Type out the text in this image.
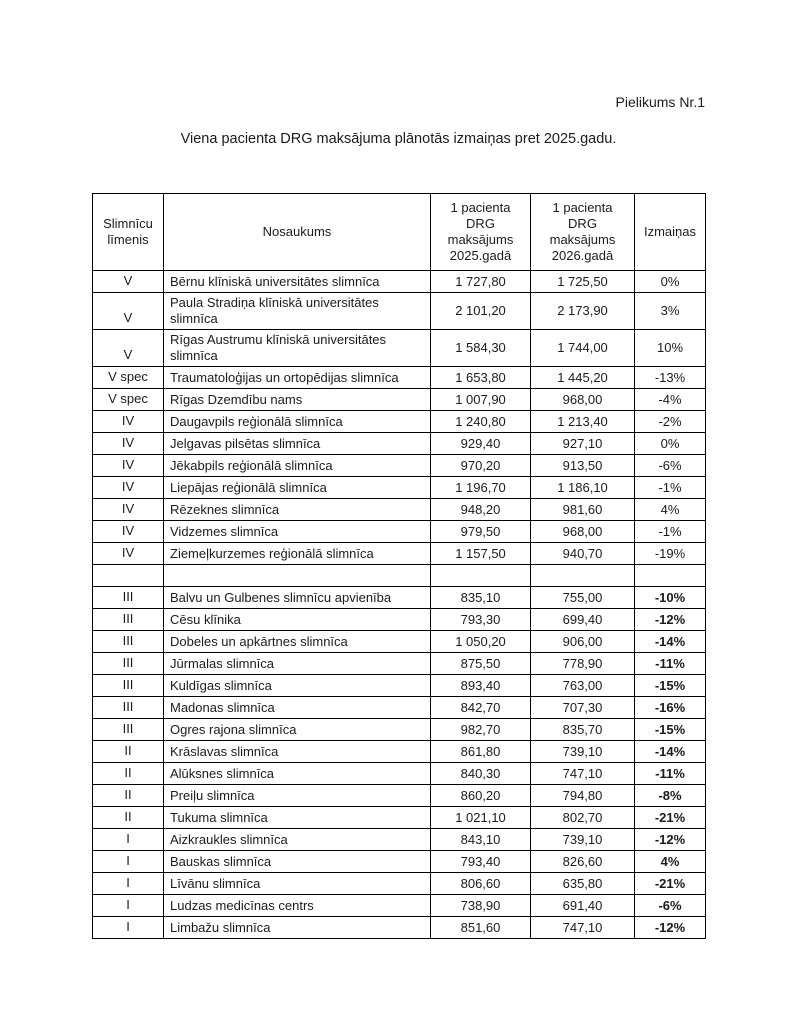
Pielikums Nr.1
Viena pacienta DRG maksājuma plānotās izmaiņas pret 2025.gadu.
Slimnīcu līmenis	Nosaukums	1 pacienta DRG maksājums 2025.gadā	1 pacienta DRG maksājums 2026.gadā	Izmaiņas
V	Bērnu klīniskā universitātes slimnīca	1 727,80	1 725,50	0%
V	Paula Stradiņa klīniskā universitātes slimnīca	2 101,20	2 173,90	3%
V	Rīgas Austrumu klīniskā universitātes slimnīca	1 584,30	1 744,00	10%
V spec	Traumatoloģijas un ortopēdijas slimnīca	1 653,80	1 445,20	-13%
V spec	Rīgas Dzemdību nams	1 007,90	968,00	-4%
IV	Daugavpils reģionālā slimnīca	1 240,80	1 213,40	-2%
IV	Jelgavas pilsētas slimnīca	929,40	927,10	0%
IV	Jēkabpils reģionālā slimnīca	970,20	913,50	-6%
IV	Liepājas reģionālā slimnīca	1 196,70	1 186,10	-1%
IV	Rēzeknes slimnīca	948,20	981,60	4%
IV	Vidzemes slimnīca	979,50	968,00	-1%
IV	Ziemeļkurzemes reģionālā slimnīca	1 157,50	940,70	-19%

III	Balvu un Gulbenes slimnīcu apvienība	835,10	755,00	-10%
III	Cēsu klīnika	793,30	699,40	-12%
III	Dobeles un apkārtnes slimnīca	1 050,20	906,00	-14%
III	Jūrmalas slimnīca	875,50	778,90	-11%
III	Kuldīgas slimnīca	893,40	763,00	-15%
III	Madonas slimnīca	842,70	707,30	-16%
III	Ogres rajona slimnīca	982,70	835,70	-15%
II	Krāslavas slimnīca	861,80	739,10	-14%
II	Alūksnes slimnīca	840,30	747,10	-11%
II	Preiļu slimnīca	860,20	794,80	-8%
II	Tukuma slimnīca	1 021,10	802,70	-21%
I	Aizkraukles slimnīca	843,10	739,10	-12%
I	Bauskas slimnīca	793,40	826,60	4%
I	Līvānu slimnīca	806,60	635,80	-21%
I	Ludzas medicīnas centrs	738,90	691,40	-6%
I	Limbažu slimnīca	851,60	747,10	-12%
